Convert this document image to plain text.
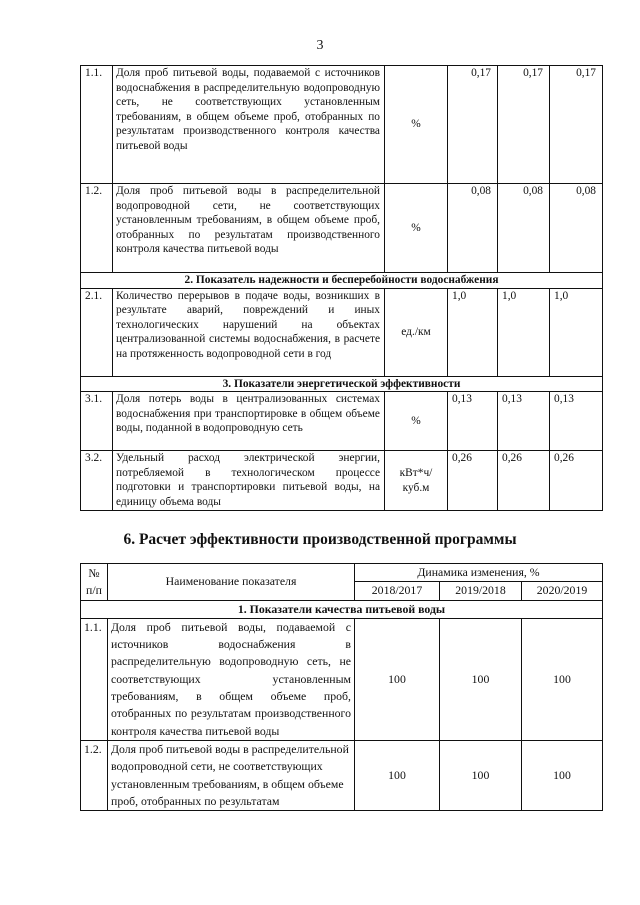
3
1.1.	Доля проб питьевой воды, подаваемой с источников водоснабжения в распределительную водопроводную сеть, не соответствующих установленным требованиям, в общем объеме проб, отобранных по результатам производственного контроля качества питьевой воды	%	0,17	0,17	0,17
1.2.	Доля проб питьевой воды в распределительной водопроводной сети, не соответствующих установленным требованиям, в общем объеме проб, отобранных по результатам производственного контроля качества питьевой воды	%	0,08	0,08	0,08
2. Показатель надежности и бесперебойности водоснабжения					
2.1.	Количество перерывов в подаче воды, возникших в результате аварий, повреждений и иных технологических нарушений на объектах централизованной системы водоснабжения, в расчете на протяженность водопроводной сети в год	ед./км	1,0	1,0	1,0
3. Показатели энергетической эффективности					
3.1.	Доля потерь воды в централизованных системах водоснабжения при транспортировке в общем объеме воды, поданной в водопроводную сеть	%	0,13	0,13	0,13
3.2.	Удельный расход электрической энергии, потребляемой в технологическом процессе подготовки и транспортировки питьевой воды, на единицу объема воды	кВт*ч/ куб.м	0,26	0,26	0,26
6. Расчет эффективности производственной программы
№ п/п	Наименование показателя	Динамика изменения, %		
		2018/2017	2019/2018	2020/2019
1. Показатели качества питьевой воды				
1.1.	Доля проб питьевой воды, подаваемой с источников водоснабжения в распределительную водопроводную сеть, не соответствующих установленным требованиям, в общем объеме проб, отобранных по результатам производственного контроля качества питьевой воды	100	100	100
1.2.	Доля проб питьевой воды в распределительной водопроводной сети, не соответствующих установленным требованиям, в общем объеме проб, отобранных по результатам	100	100	100
